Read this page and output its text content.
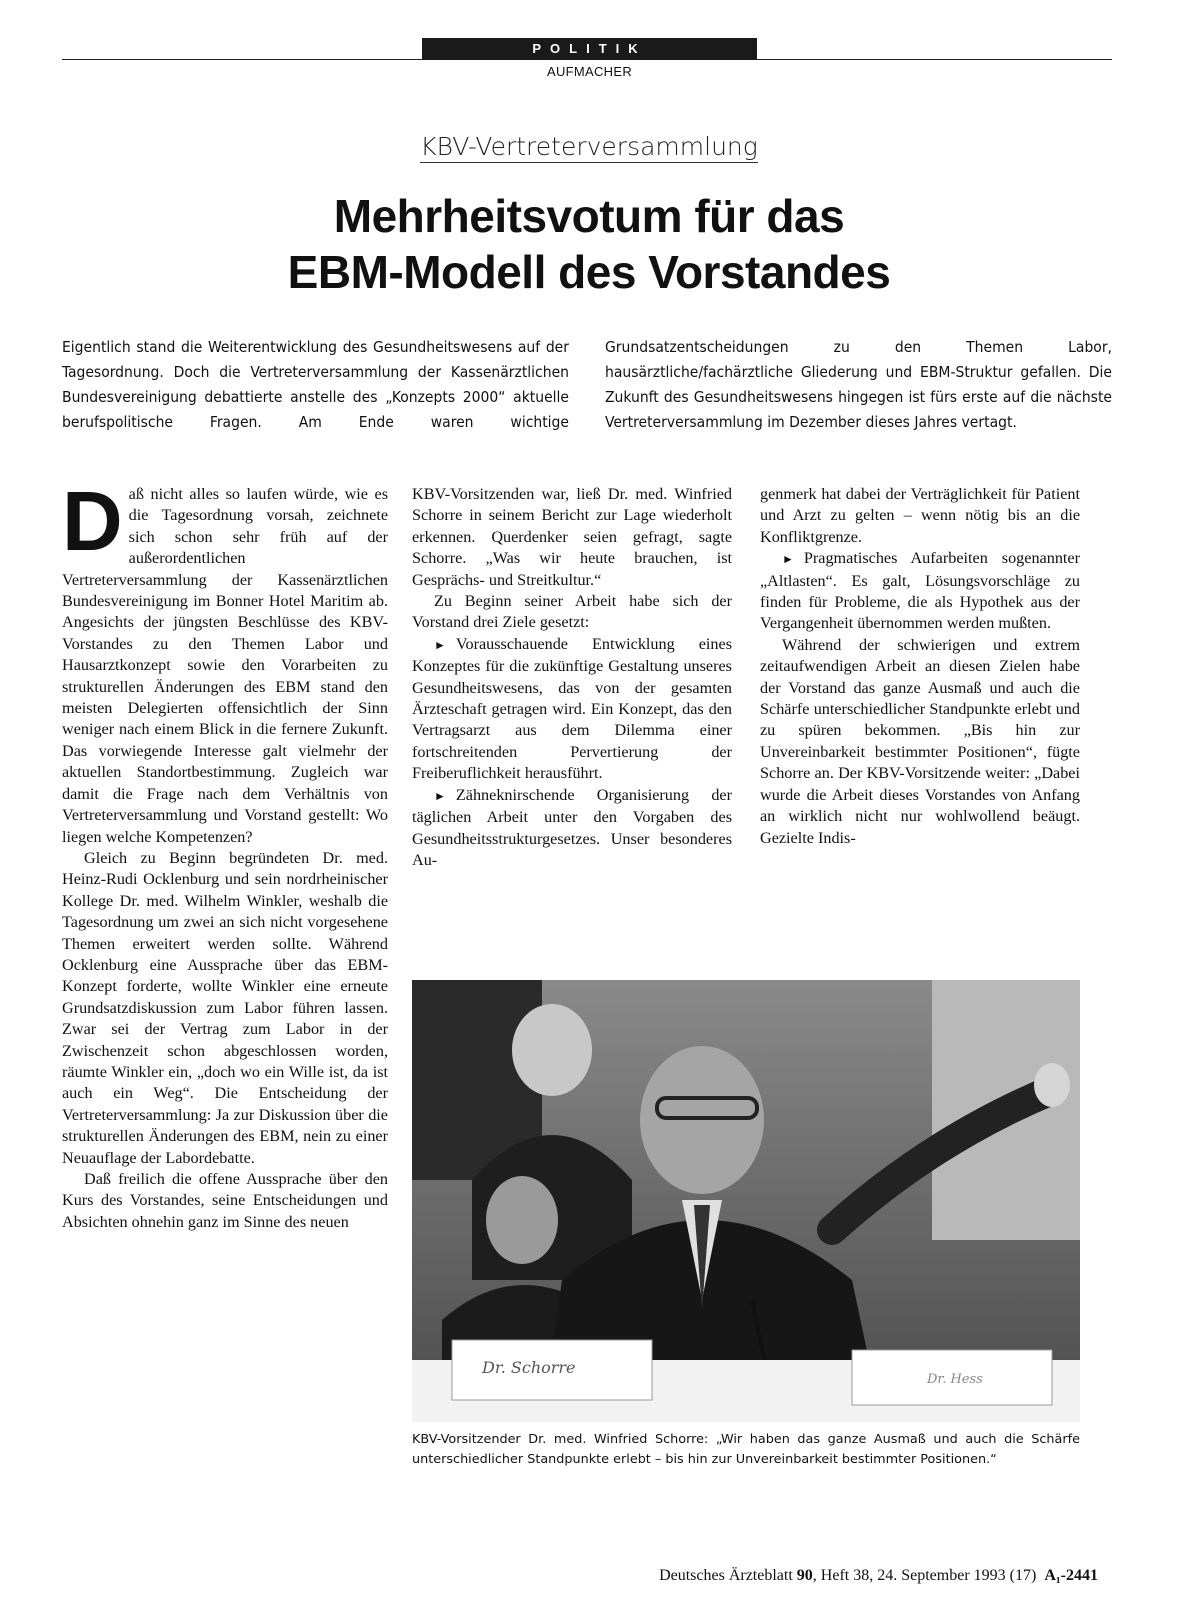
POLITIK
AUFMACHER
KBV-Vertreterversammlung
Mehrheitsvotum für das
EBM-Modell des Vorstandes

Eigentlich stand die Weiterentwicklung des Gesundheitswesens auf der Tagesordnung. Doch die Vertreterversammlung der Kassenärztlichen Bundesvereinigung debattierte anstelle des „Konzepts 2000“ aktuelle berufspolitische Fragen. Am Ende waren wichtige Grundsatzentscheidungen zu den Themen Labor, hausärztliche/fachärztliche Gliederung und EBM-Struktur gefallen. Die Zukunft des Gesundheitswesens hingegen ist fürs erste auf die nächste Vertreterversammlung im Dezember dieses Jahres vertagt.

Daß nicht alles so laufen würde, wie es die Tagesordnung vorsah, zeichnete sich schon sehr früh auf der außerordentlichen Vertreterversammlung der Kassenärztlichen Bundesvereinigung im Bonner Hotel Maritim ab. Angesichts der jüngsten Beschlüsse des KBV-Vorstandes zu den Themen Labor und Hausarztkonzept sowie den Vorarbeiten zu strukturellen Änderungen des EBM stand den meisten Delegierten offensichtlich der Sinn weniger nach einem Blick in die fernere Zukunft. Das vorwiegende Interesse galt vielmehr der aktuellen Standortbestimmung. Zugleich war damit die Frage nach dem Verhältnis von Vertreterversammlung und Vorstand gestellt: Wo liegen welche Kompetenzen?

Gleich zu Beginn begründeten Dr. med. Heinz-Rudi Ocklenburg und sein nordrheinischer Kollege Dr. med. Wilhelm Winkler, weshalb die Tagesordnung um zwei an sich nicht vorgesehene Themen erweitert werden sollte. Während Ocklenburg eine Aussprache über das EBM-Konzept forderte, wollte Winkler eine erneute Grundsatzdiskussion zum Labor führen lassen. Zwar sei der Vertrag zum Labor in der Zwischenzeit schon abgeschlossen worden, räumte Winkler ein, „doch wo ein Wille ist, da ist auch ein Weg“. Die Entscheidung der Vertreterversammlung: Ja zur Diskussion über die strukturellen Änderungen des EBM, nein zu einer Neuauflage der Labordebatte.

Daß freilich die offene Aussprache über den Kurs des Vorstandes, seine Entscheidungen und Absichten ohnehin ganz im Sinne des neuen

KBV-Vorsitzenden war, ließ Dr. med. Winfried Schorre in seinem Bericht zur Lage wiederholt erkennen. Querdenker seien gefragt, sagte Schorre. „Was wir heute brauchen, ist Gesprächs- und Streitkultur.“

Zu Beginn seiner Arbeit habe sich der Vorstand drei Ziele gesetzt:

► Vorausschauende Entwicklung eines Konzeptes für die zukünftige Gestaltung unseres Gesundheitswesens, das von der gesamten Ärzteschaft getragen wird. Ein Konzept, das den Vertragsarzt aus dem Dilemma einer fortschreitenden Pervertierung der Freiberuflichkeit herausführt.

► Zähneknirschende Organisierung der täglichen Arbeit unter den Vorgaben des Gesundheitsstrukturgesetzes. Unser besonderes Au-

genmerk hat dabei der Verträglichkeit für Patient und Arzt zu gelten – wenn nötig bis an die Konfliktgrenze.

► Pragmatisches Aufarbeiten sogenannter „Altlasten“. Es galt, Lösungsvorschläge zu finden für Probleme, die als Hypothek aus der Vergangenheit übernommen werden mußten.

Während der schwierigen und extrem zeitaufwendigen Arbeit an diesen Zielen habe der Vorstand das ganze Ausmaß und auch die Schärfe unterschiedlicher Standpunkte erlebt und zu spüren bekommen. „Bis hin zur Unvereinbarkeit bestimmter Positionen“, fügte Schorre an. Der KBV-Vorsitzende weiter: „Dabei wurde die Arbeit dieses Vorstandes von Anfang an wirklich nicht nur wohlwollend beäugt. Gezielte Indis-

Dr. Schorre
Dr. Hess
KBV-Vorsitzender Dr. med. Winfried Schorre: „Wir haben das ganze Ausmaß und auch die Schärfe unterschiedlicher Standpunkte erlebt – bis hin zur Unvereinbarkeit bestimmter Positionen.“
Deutsches Ärzteblatt 90, Heft 38, 24. September 1993 (17) A₁-2441
